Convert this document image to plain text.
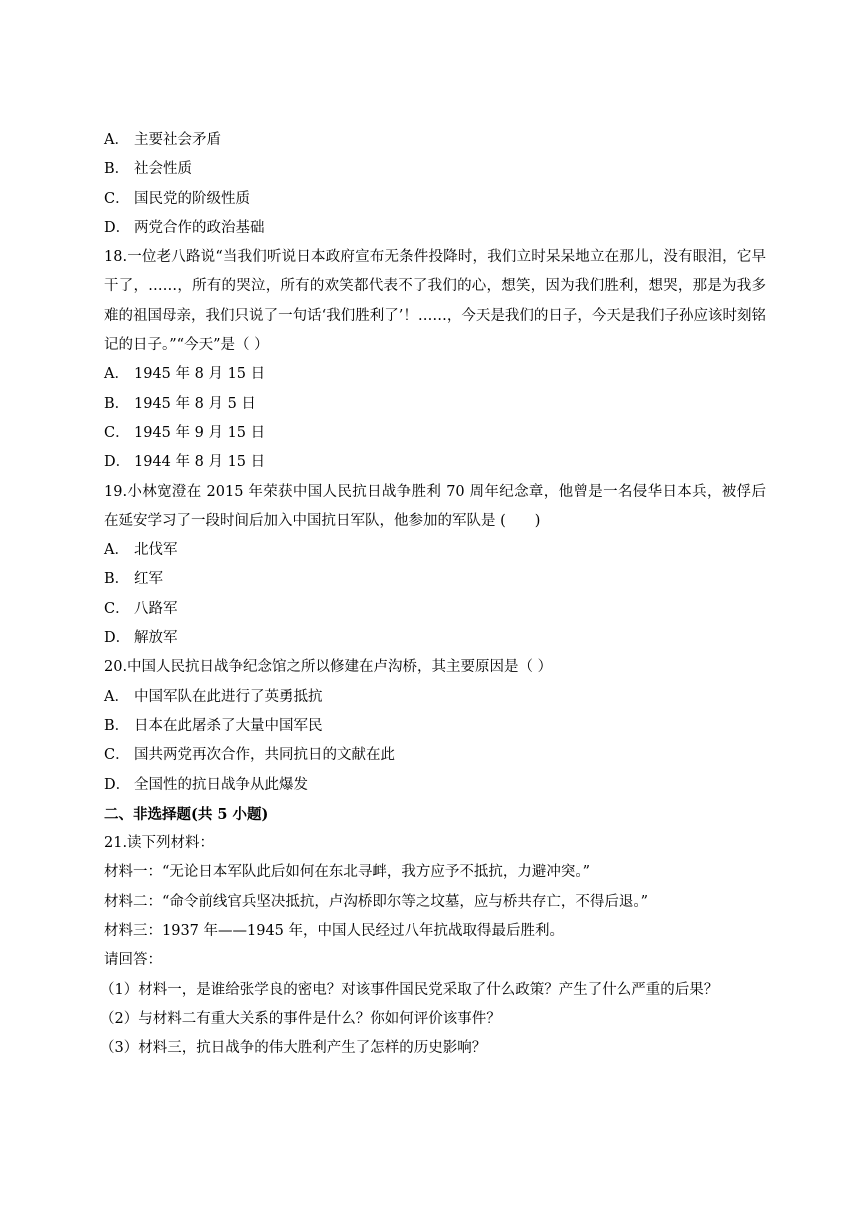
A． 主要社会矛盾
B． 社会性质
C． 国民党的阶级性质
D． 两党合作的政治基础
18.一位老八路说“当我们听说日本政府宣布无条件投降时，我们立时呆呆地立在那儿，没有眼泪，它早干了，……，所有的哭泣，所有的欢笑都代表不了我们的心，想笑，因为我们胜利，想哭，那是为我多难的祖国母亲，我们只说了一句话‘我们胜利了’！……，今天是我们的日子，今天是我们子孙应该时刻铭记的日子。”“今天”是（ ）
A． 1945 年 8 月 15 日
B． 1945 年 8 月 5 日
C． 1945 年 9 月 15 日
D． 1944 年 8 月 15 日
19.小林宽澄在 2015 年荣获中国人民抗日战争胜利 70 周年纪念章，他曾是一名侵华日本兵，被俘后在延安学习了一段时间后加入中国抗日军队，他参加的军队是 (　　)
A． 北伐军
B． 红军
C． 八路军
D． 解放军
20.中国人民抗日战争纪念馆之所以修建在卢沟桥，其主要原因是（ ）
A． 中国军队在此进行了英勇抵抗
B． 日本在此屠杀了大量中国军民
C． 国共两党再次合作，共同抗日的文献在此
D． 全国性的抗日战争从此爆发
二、非选择题(共 5 小题)
21.读下列材料：
材料一：“无论日本军队此后如何在东北寻衅，我方应予不抵抗，力避冲突。”
材料二：“命令前线官兵坚决抵抗，卢沟桥即尔等之坟墓，应与桥共存亡，不得后退。”
材料三：1937 年——1945 年，中国人民经过八年抗战取得最后胜利。
请回答：
（1）材料一，是谁给张学良的密电？对该事件国民党采取了什么政策？产生了什么严重的后果？
（2）与材料二有重大关系的事件是什么？你如何评价该事件？
（3）材料三，抗日战争的伟大胜利产生了怎样的历史影响？
